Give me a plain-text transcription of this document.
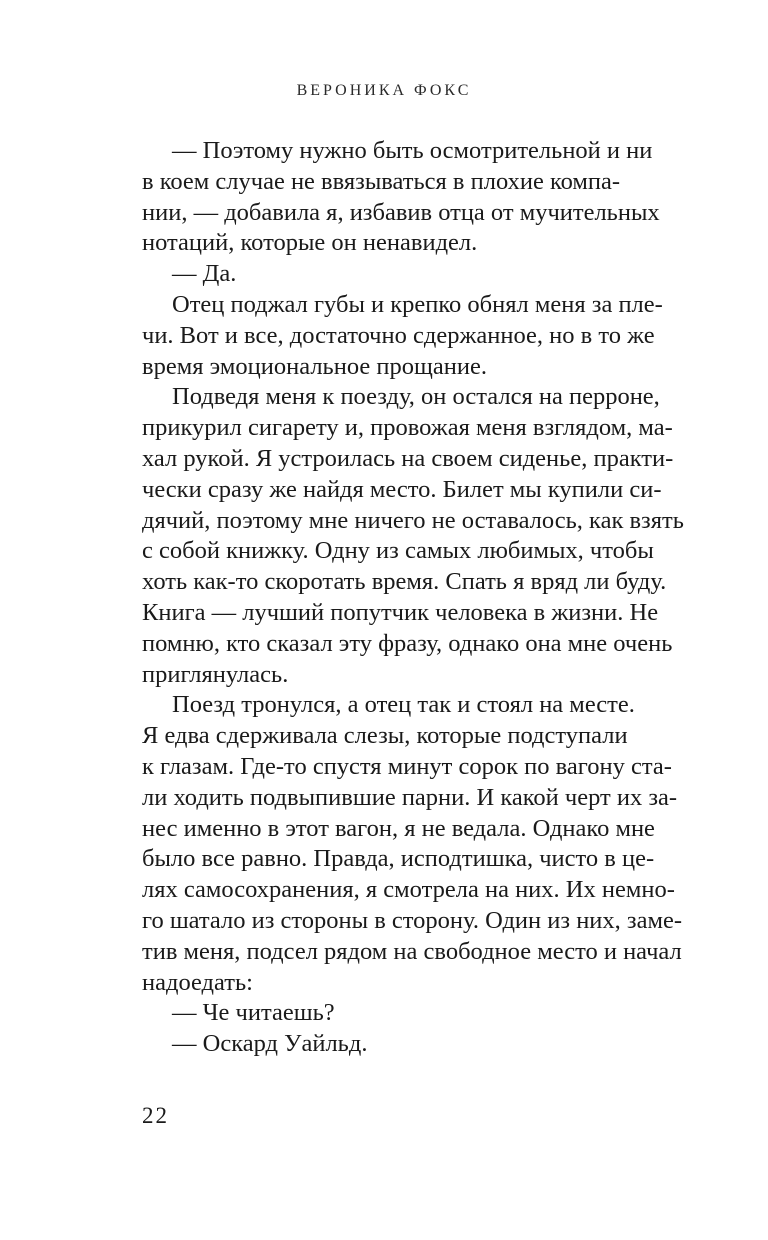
ВЕРОНИКА ФОКС

— Поэтому нужно быть осмотрительной и ни
в коем случае не ввязываться в плохие компа-
нии, — добавила я, избавив отца от мучительных
нотаций, которые он ненавидел.

— Да.

Отец поджал губы и крепко обнял меня за пле-
чи. Вот и все, достаточно сдержанное, но в то же
время эмоциональное прощание.

Подведя меня к поезду, он остался на перроне,
прикурил сигарету и, провожая меня взглядом, ма-
хал рукой. Я устроилась на своем сиденье, практи-
чески сразу же найдя место. Билет мы купили си-
дячий, поэтому мне ничего не оставалось, как взять
с собой книжку. Одну из самых любимых, чтобы
хоть как-то скоротать время. Спать я вряд ли буду.
Книга — лучший попутчик человека в жизни. Не
помню, кто сказал эту фразу, однако она мне очень
приглянулась.

Поезд тронулся, а отец так и стоял на месте.
Я едва сдерживала слезы, которые подступали
к глазам. Где-то спустя минут сорок по вагону ста-
ли ходить подвыпившие парни. И какой черт их за-
нес именно в этот вагон, я не ведала. Однако мне
было все равно. Правда, исподтишка, чисто в це-
лях самосохранения, я смотрела на них. Их немно-
го шатало из стороны в сторону. Один из них, заме-
тив меня, подсел рядом на свободное место и начал
надоедать:

— Че читаешь?

— Оскард Уайльд.

22
